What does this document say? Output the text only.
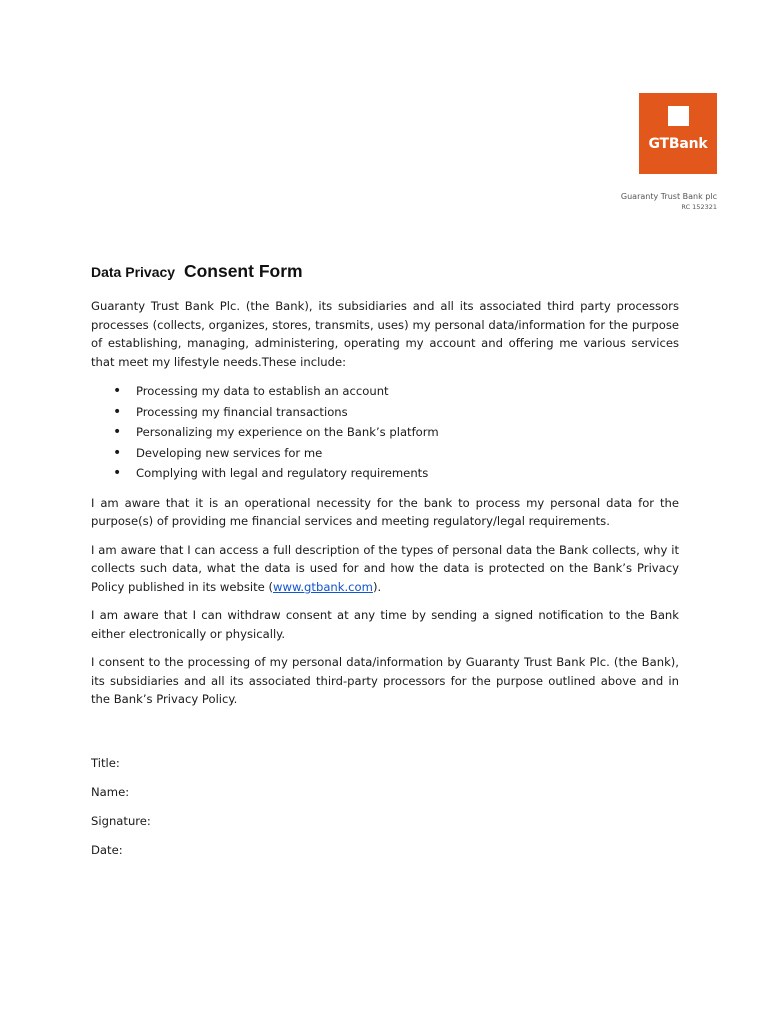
GTBank
Guaranty Trust Bank plc
RC 152321
Data Privacy Consent Form

Guaranty Trust Bank Plc. (the Bank), its subsidiaries and all its associated third party processors processes (collects, organizes, stores, transmits, uses) my personal data/information for the purpose of establishing, managing, administering, operating my account and offering me various services that meet my lifestyle needs.These include:

• Processing my data to establish an account
• Processing my financial transactions
• Personalizing my experience on the Bank’s platform
• Developing new services for me
• Complying with legal and regulatory requirements

I am aware that it is an operational necessity for the bank to process my personal data for the purpose(s) of providing me financial services and meeting regulatory/legal requirements.

I am aware that I can access a full description of the types of personal data the Bank collects, why it collects such data, what the data is used for and how the data is protected on the Bank’s Privacy Policy published in its website (www.gtbank.com).

I am aware that I can withdraw consent at any time by sending a signed notification to the Bank either electronically or physically.

I consent to the processing of my personal data/information by Guaranty Trust Bank Plc. (the Bank), its subsidiaries and all its associated third-party processors for the purpose outlined above and in the Bank’s Privacy Policy.

Title:
Name:
Signature:
Date:
